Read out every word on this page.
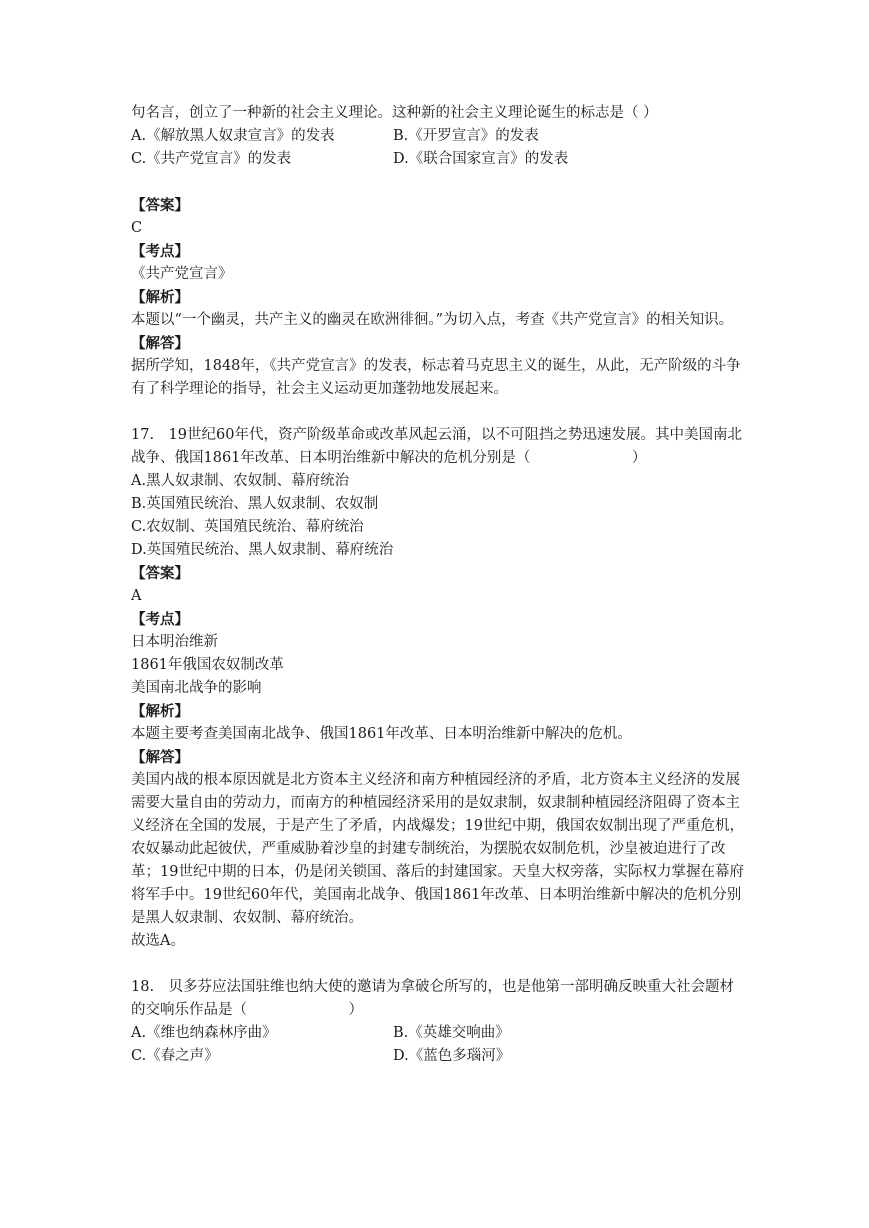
句名言，创立了一种新的社会主义理论。这种新的社会主义理论诞生的标志是（ ）
A.《解放黑人奴隶宣言》的发表	B.《开罗宣言》的发表
C.《共产党宣言》的发表	D.《联合国家宣言》的发表
【答案】
C
【考点】
《共产党宣言》
【解析】
本题以“一个幽灵，共产主义的幽灵在欧洲徘徊。”为切入点，考查《共产党宣言》的相关知识。
【解答】
据所学知，1848年，《共产党宣言》的发表，标志着马克思主义的诞生，从此，无产阶级的斗争有了科学理论的指导，社会主义运动更加蓬勃地发展起来。
17.　19世纪60年代，资产阶级革命或改革风起云涌，以不可阻挡之势迅速发展。其中美国南北战争、俄国1861年改革、日本明治维新中解决的危机分别是（　　　　　　　）
A.黑人奴隶制、农奴制、幕府统治
B.英国殖民统治、黑人奴隶制、农奴制
C.农奴制、英国殖民统治、幕府统治
D.英国殖民统治、黑人奴隶制、幕府统治
【答案】
A
【考点】
日本明治维新
1861年俄国农奴制改革
美国南北战争的影响
【解析】
本题主要考查美国南北战争、俄国1861年改革、日本明治维新中解决的危机。
【解答】
美国内战的根本原因就是北方资本主义经济和南方种植园经济的矛盾，北方资本主义经济的发展需要大量自由的劳动力，而南方的种植园经济采用的是奴隶制，奴隶制种植园经济阻碍了资本主义经济在全国的发展，于是产生了矛盾，内战爆发；19世纪中期，俄国农奴制出现了严重危机，农奴暴动此起彼伏，严重威胁着沙皇的封建专制统治，为摆脱农奴制危机，沙皇被迫进行了改革；19世纪中期的日本，仍是闭关锁国、落后的封建国家。天皇大权旁落，实际权力掌握在幕府将军手中。19世纪60年代，美国南北战争、俄国1861年改革、日本明治维新中解决的危机分别是黑人奴隶制、农奴制、幕府统治。
故选A。
18.　贝多芬应法国驻维也纳大使的邀请为拿破仑所写的，也是他第一部明确反映重大社会题材的交响乐作品是（　　　　　　　）
A.《维也纳森林序曲》	B.《英雄交响曲》
C.《春之声》	D.《蓝色多瑙河》
